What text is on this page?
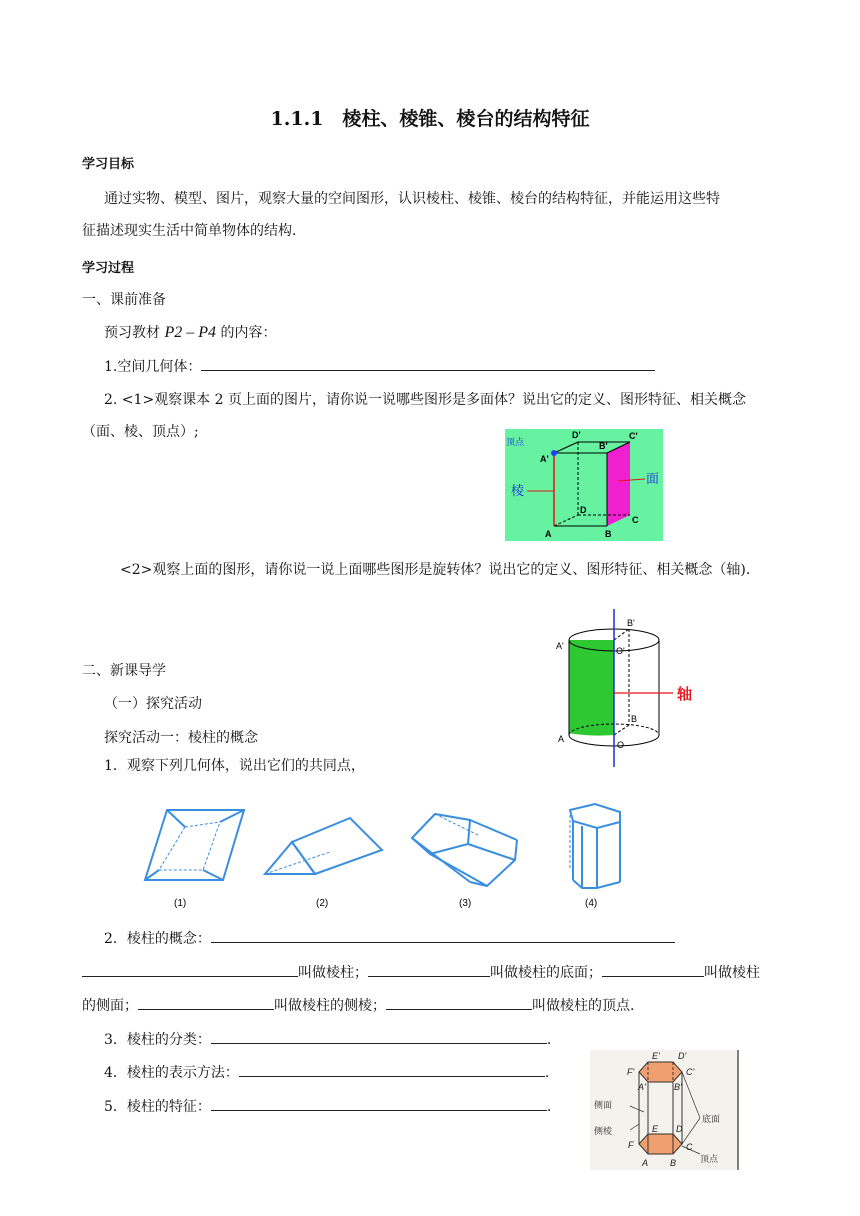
1.1.1　棱柱、棱锥、棱台的结构特征
学习目标
通过实物、模型、图片，观察大量的空间图形，认识棱柱、棱锥、棱台的结构特征，并能运用这些特
征描述现实生活中简单物体的结构.
学习过程
一、课前准备
预习教材 P2 – P4 的内容：
1.空间几何体：
2. <1>观察课本 2 页上面的图片，请你说一说哪些图形是多面体？说出它的定义、图形特征、相关概念
（面、棱、顶点）;
顶点
棱
面
D'
B'
C'
A'
D
A	B
C
<2>观察上面的图形，请你说一说上面哪些图形是旋转体？说出它的定义、图形特征、相关概念（轴).
轴
A'
B'
O'
A
B
O
二、新课导学
（一）探究活动
探究活动一：棱柱的概念
1．观察下列几何体，说出它们的共同点，
(1)	(2)	(3)	(4)
2．棱柱的概念：
叫做棱柱；	叫做棱柱的底面；	叫做棱柱
的侧面；	叫做棱柱的侧棱；	叫做棱柱的顶点.
3．棱柱的分类：	.
4．棱柱的表示方法：	.
5．棱柱的特征：	.	侧面
侧棱
底面
顶点
E' D'
F'
A'	B'
C'
E D
F
A B
C
